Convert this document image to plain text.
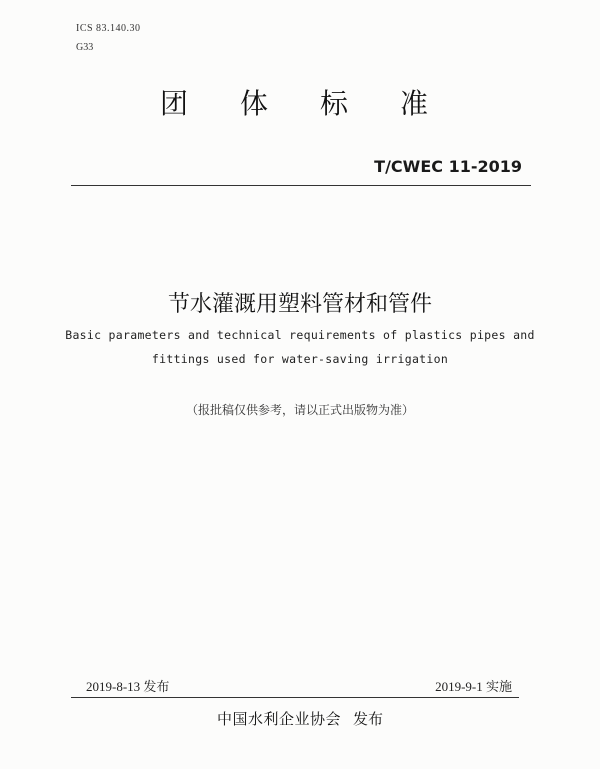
ICS 83.140.30
G33
团体标准
T/CWEC 11-2019
节水灌溉用塑料管材和管件
Basic parameters and technical requirements of plastics pipes and
fittings used for water-saving irrigation
（报批稿仅供参考，请以正式出版物为准）
2019-8-13 发布	2019-9-1 实施
中国水利企业协会 发布
